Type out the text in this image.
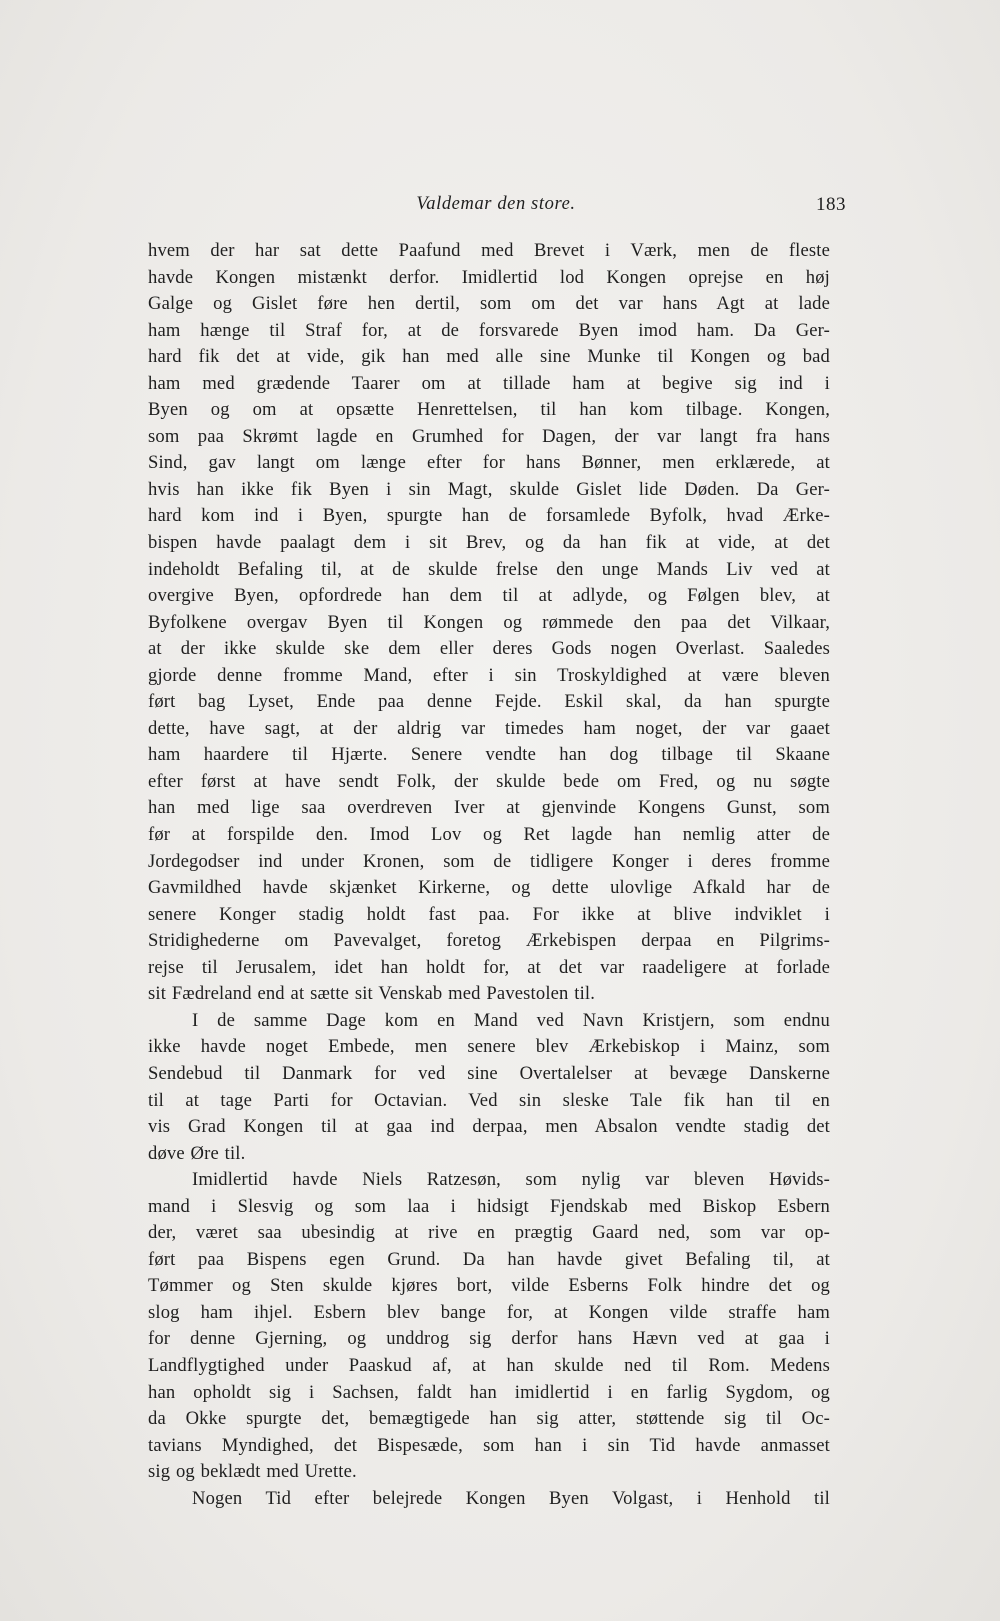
Valdemar den store.	183
hvem der har sat dette Paafund med Brevet i Værk, men de fleste
havde Kongen mistænkt derfor. Imidlertid lod Kongen oprejse en høj
Galge og Gislet føre hen dertil, som om det var hans Agt at lade
ham hænge til Straf for, at de forsvarede Byen imod ham. Da Ger-
hard fik det at vide, gik han med alle sine Munke til Kongen og bad
ham med grædende Taarer om at tillade ham at begive sig ind i
Byen og om at opsætte Henrettelsen, til han kom tilbage. Kongen,
som paa Skrømt lagde en Grumhed for Dagen, der var langt fra hans
Sind, gav langt om længe efter for hans Bønner, men erklærede, at
hvis han ikke fik Byen i sin Magt, skulde Gislet lide Døden. Da Ger-
hard kom ind i Byen, spurgte han de forsamlede Byfolk, hvad Ærke-
bispen havde paalagt dem i sit Brev, og da han fik at vide, at det
indeholdt Befaling til, at de skulde frelse den unge Mands Liv ved at
overgive Byen, opfordrede han dem til at adlyde, og Følgen blev, at
Byfolkene overgav Byen til Kongen og rømmede den paa det Vilkaar,
at der ikke skulde ske dem eller deres Gods nogen Overlast. Saaledes
gjorde denne fromme Mand, efter i sin Troskyldighed at være bleven
ført bag Lyset, Ende paa denne Fejde. Eskil skal, da han spurgte
dette, have sagt, at der aldrig var timedes ham noget, der var gaaet
ham haardere til Hjærte. Senere vendte han dog tilbage til Skaane
efter først at have sendt Folk, der skulde bede om Fred, og nu søgte
han med lige saa overdreven Iver at gjenvinde Kongens Gunst, som
før at forspilde den. Imod Lov og Ret lagde han nemlig atter de
Jordegodser ind under Kronen, som de tidligere Konger i deres fromme
Gavmildhed havde skjænket Kirkerne, og dette ulovlige Afkald har de
senere Konger stadig holdt fast paa. For ikke at blive indviklet i
Stridighederne om Pavevalget, foretog Ærkebispen derpaa en Pilgrims-
rejse til Jerusalem, idet han holdt for, at det var raadeligere at forlade
sit Fædreland end at sætte sit Venskab med Pavestolen til.
I de samme Dage kom en Mand ved Navn Kristjern, som endnu
ikke havde noget Embede, men senere blev Ærkebiskop i Mainz, som
Sendebud til Danmark for ved sine Overtalelser at bevæge Danskerne
til at tage Parti for Octavian. Ved sin sleske Tale fik han til en
vis Grad Kongen til at gaa ind derpaa, men Absalon vendte stadig det
døve Øre til.
Imidlertid havde Niels Ratzesøn, som nylig var bleven Høvids-
mand i Slesvig og som laa i hidsigt Fjendskab med Biskop Esbern
der, været saa ubesindig at rive en prægtig Gaard ned, som var op-
ført paa Bispens egen Grund. Da han havde givet Befaling til, at
Tømmer og Sten skulde kjøres bort, vilde Esberns Folk hindre det og
slog ham ihjel. Esbern blev bange for, at Kongen vilde straffe ham
for denne Gjerning, og unddrog sig derfor hans Hævn ved at gaa i
Landflygtighed under Paaskud af, at han skulde ned til Rom. Medens
han opholdt sig i Sachsen, faldt han imidlertid i en farlig Sygdom, og
da Okke spurgte det, bemægtigede han sig atter, støttende sig til Oc-
tavians Myndighed, det Bispesæde, som han i sin Tid havde anmasset
sig og beklædt med Urette.
Nogen Tid efter belejrede Kongen Byen Volgast, i Henhold til
